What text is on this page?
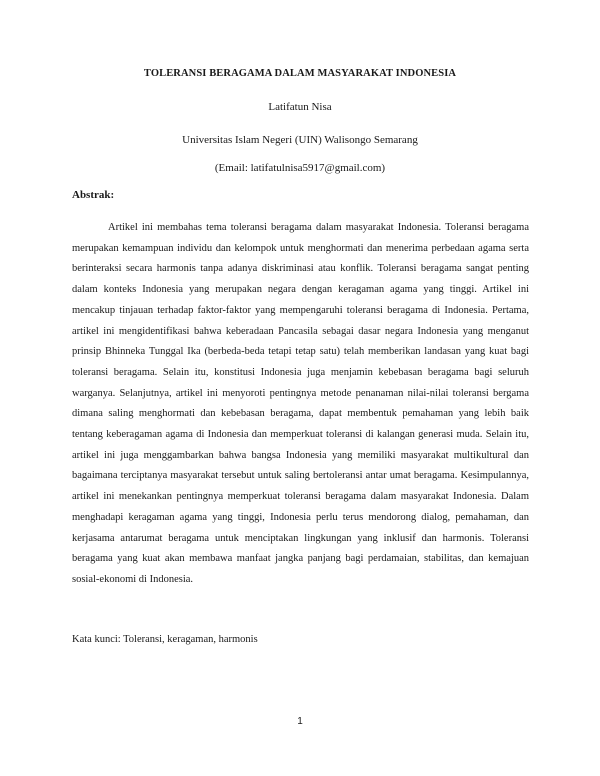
TOLERANSI BERAGAMA DALAM MASYARAKAT INDONESIA
Latifatun Nisa
Universitas Islam Negeri (UIN) Walisongo Semarang
(Email: latifatulnisa5917@gmail.com)
Abstrak:

Artikel ini membahas tema toleransi beragama dalam masyarakat Indonesia. Toleransi beragama merupakan kemampuan individu dan kelompok untuk menghormati dan menerima perbedaan agama serta berinteraksi secara harmonis tanpa adanya diskriminasi atau konflik. Toleransi beragama sangat penting dalam konteks Indonesia yang merupakan negara dengan keragaman agama yang tinggi. Artikel ini mencakup tinjauan terhadap faktor-faktor yang mempengaruhi toleransi beragama di Indonesia. Pertama, artikel ini mengidentifikasi bahwa keberadaan Pancasila sebagai dasar negara Indonesia yang menganut prinsip Bhinneka Tunggal Ika (berbeda-beda tetapi tetap satu) telah memberikan landasan yang kuat bagi toleransi beragama. Selain itu, konstitusi Indonesia juga menjamin kebebasan beragama bagi seluruh warganya. Selanjutnya, artikel ini menyoroti pentingnya metode penanaman nilai-nilai toleransi bergama dimana saling menghormati dan kebebasan beragama, dapat membentuk pemahaman yang lebih baik tentang keberagaman agama di Indonesia dan memperkuat toleransi di kalangan generasi muda. Selain itu, artikel ini juga menggambarkan bahwa bangsa Indonesia yang memiliki masyarakat multikultural dan bagaimana terciptanya masyarakat tersebut untuk saling bertoleransi antar umat beragama. Kesimpulannya, artikel ini menekankan pentingnya memperkuat toleransi beragama dalam masyarakat Indonesia. Dalam menghadapi keragaman agama yang tinggi, Indonesia perlu terus mendorong dialog, pemahaman, dan kerjasama antarumat beragama untuk menciptakan lingkungan yang inklusif dan harmonis. Toleransi beragama yang kuat akan membawa manfaat jangka panjang bagi perdamaian, stabilitas, dan kemajuan sosial-ekonomi di Indonesia.

Kata kunci: Toleransi, keragaman, harmonis
1
